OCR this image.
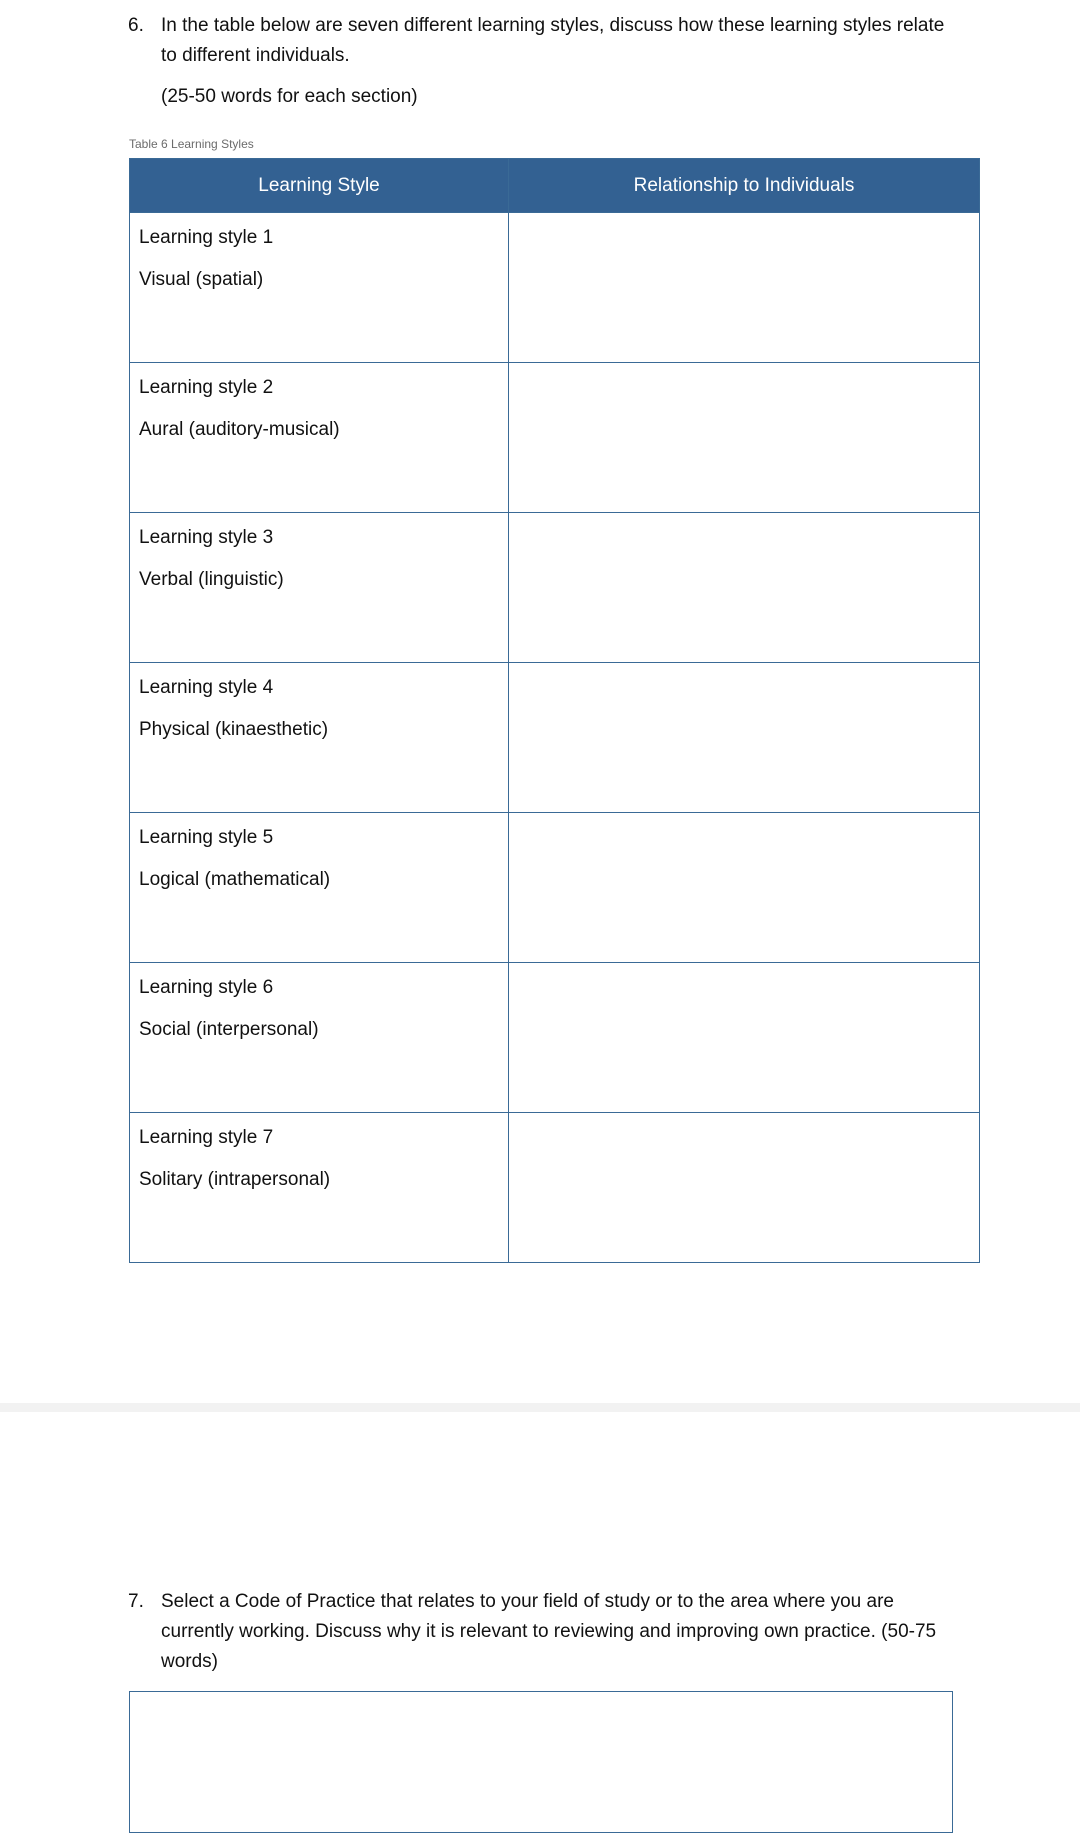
6. In the table below are seven different learning styles, discuss how these learning styles relate to different individuals.
(25-50 words for each section)
Table 6 Learning Styles
Learning Style	Relationship to Individuals

Learning style 1
Visual (spatial)	

Learning style 2
Aural (auditory-musical)	

Learning style 3
Verbal (linguistic)	

Learning style 4
Physical (kinaesthetic)	

Learning style 5
Logical (mathematical)	

Learning style 6
Social (interpersonal)	

Learning style 7
Solitary (intrapersonal)	

7. Select a Code of Practice that relates to your field of study or to the area where you are currently working. Discuss why it is relevant to reviewing and improving own practice. (50-75 words)
